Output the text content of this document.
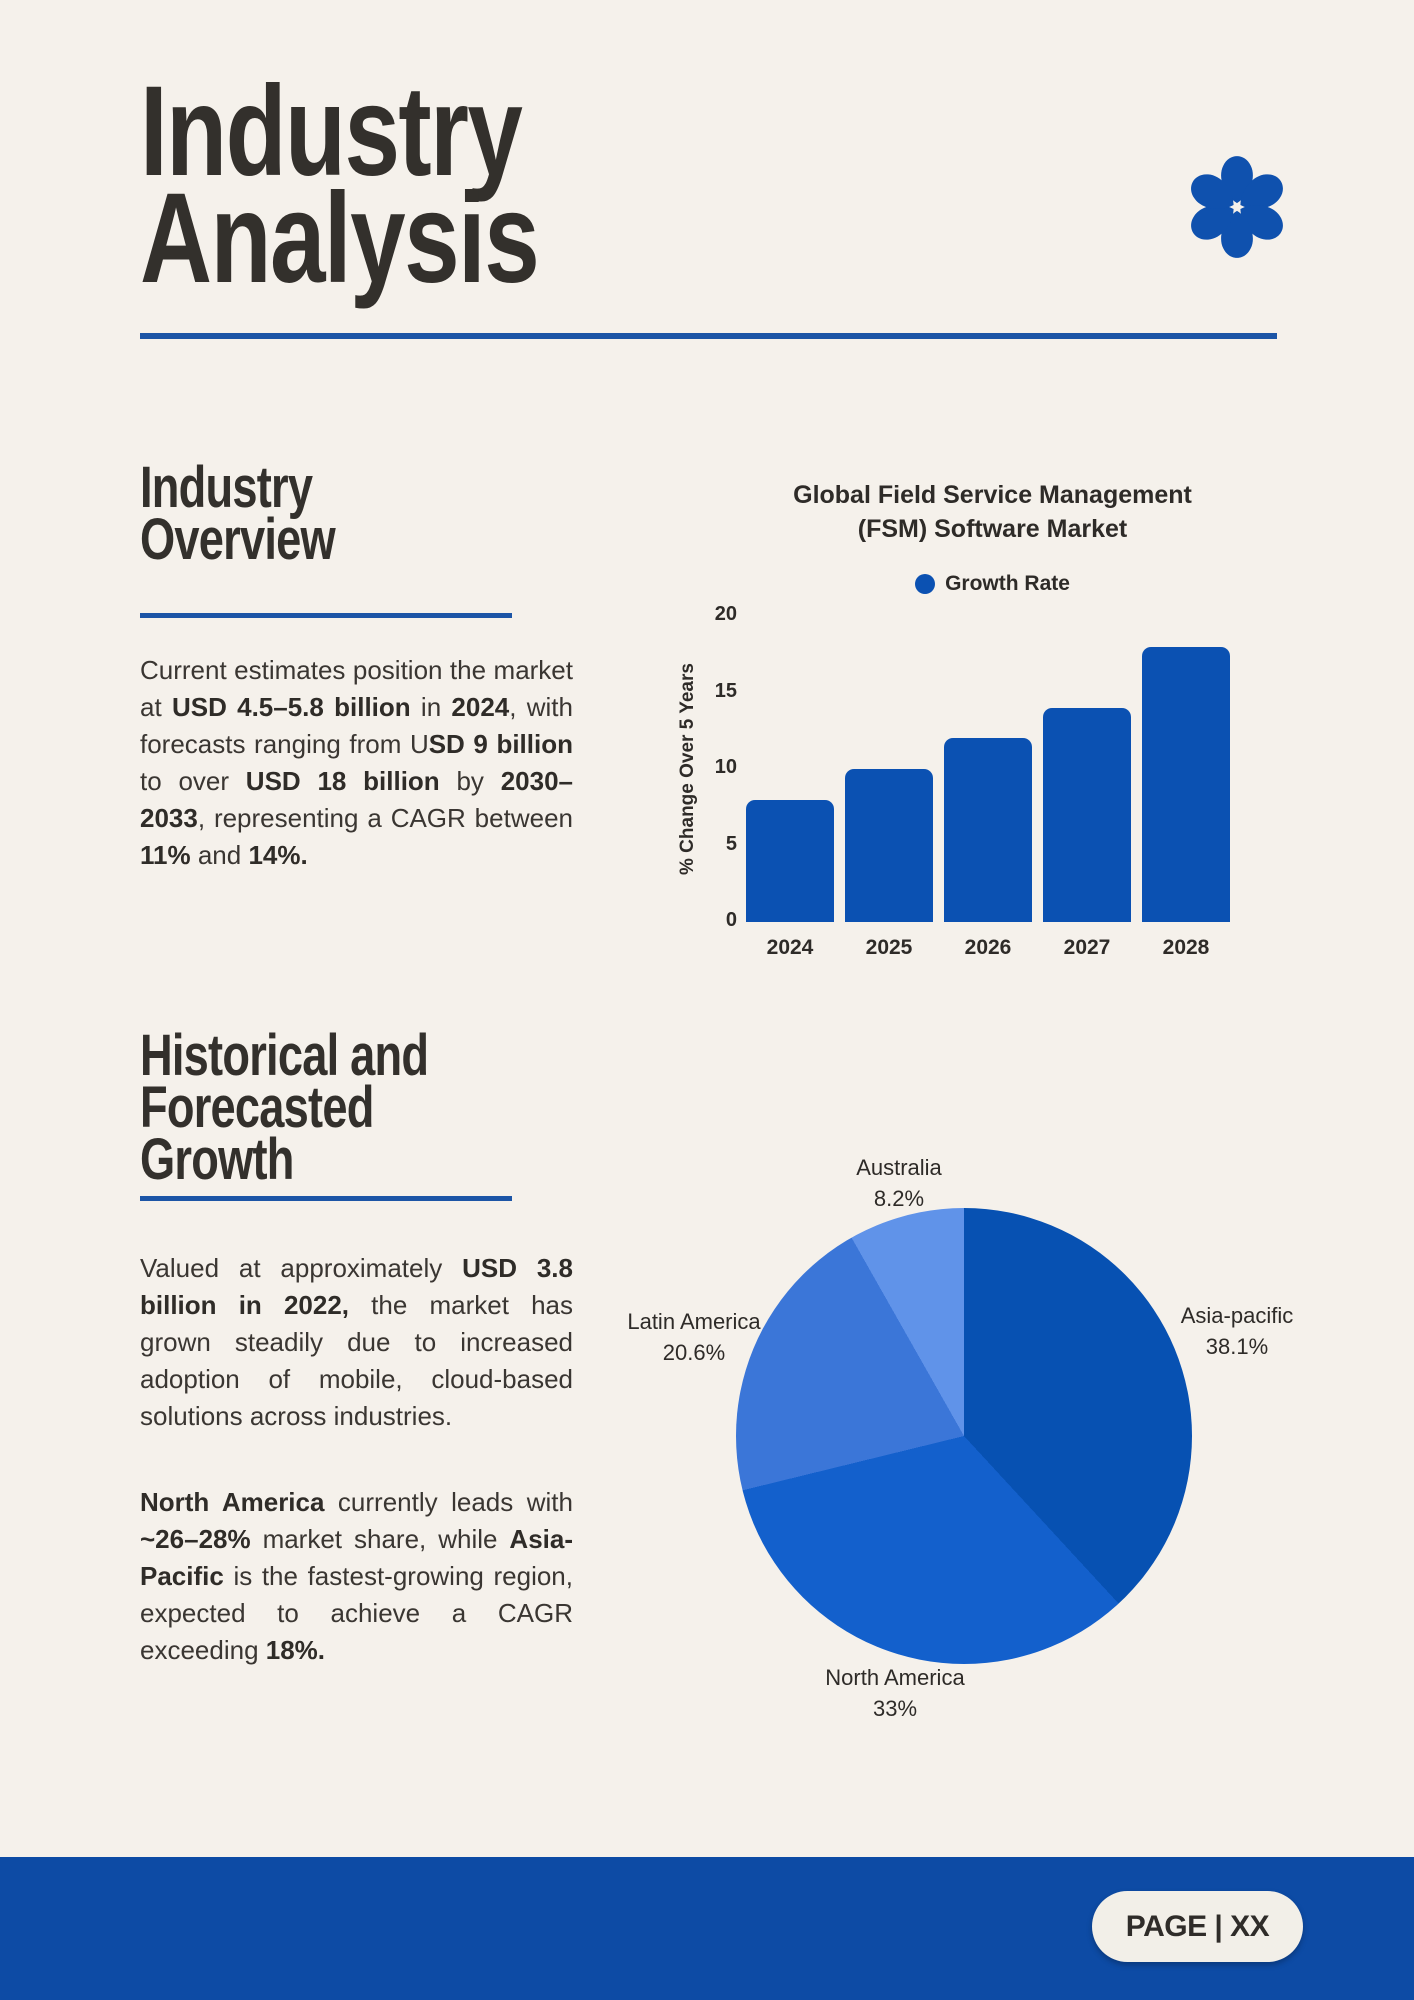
Industry
Analysis
Industry
Overview

Current estimates position the market at USD 4.5–5.8 billion in 2024, with forecasts ranging from USD 9 billion to over USD 18 billion by 2030–2033, representing a CAGR between 11% and 14%.

Global Field Service Management
(FSM) Software Market
Growth Rate
% Change Over 5 Years
0
5
10
15
20
2024	2025	2026	2027	2028
Historical and
Forecasted
Growth

Valued at approximately USD 3.8 billion in 2022, the market has grown steadily due to increased adoption of mobile, cloud-based solutions across industries.

North America currently leads with ~26–28% market share, while Asia-Pacific is the fastest-growing region, expected to achieve a CAGR exceeding 18%.

Australia
8.2%
Latin America
20.6%
Asia-pacific
38.1%
North America
33%
PAGE | XX
